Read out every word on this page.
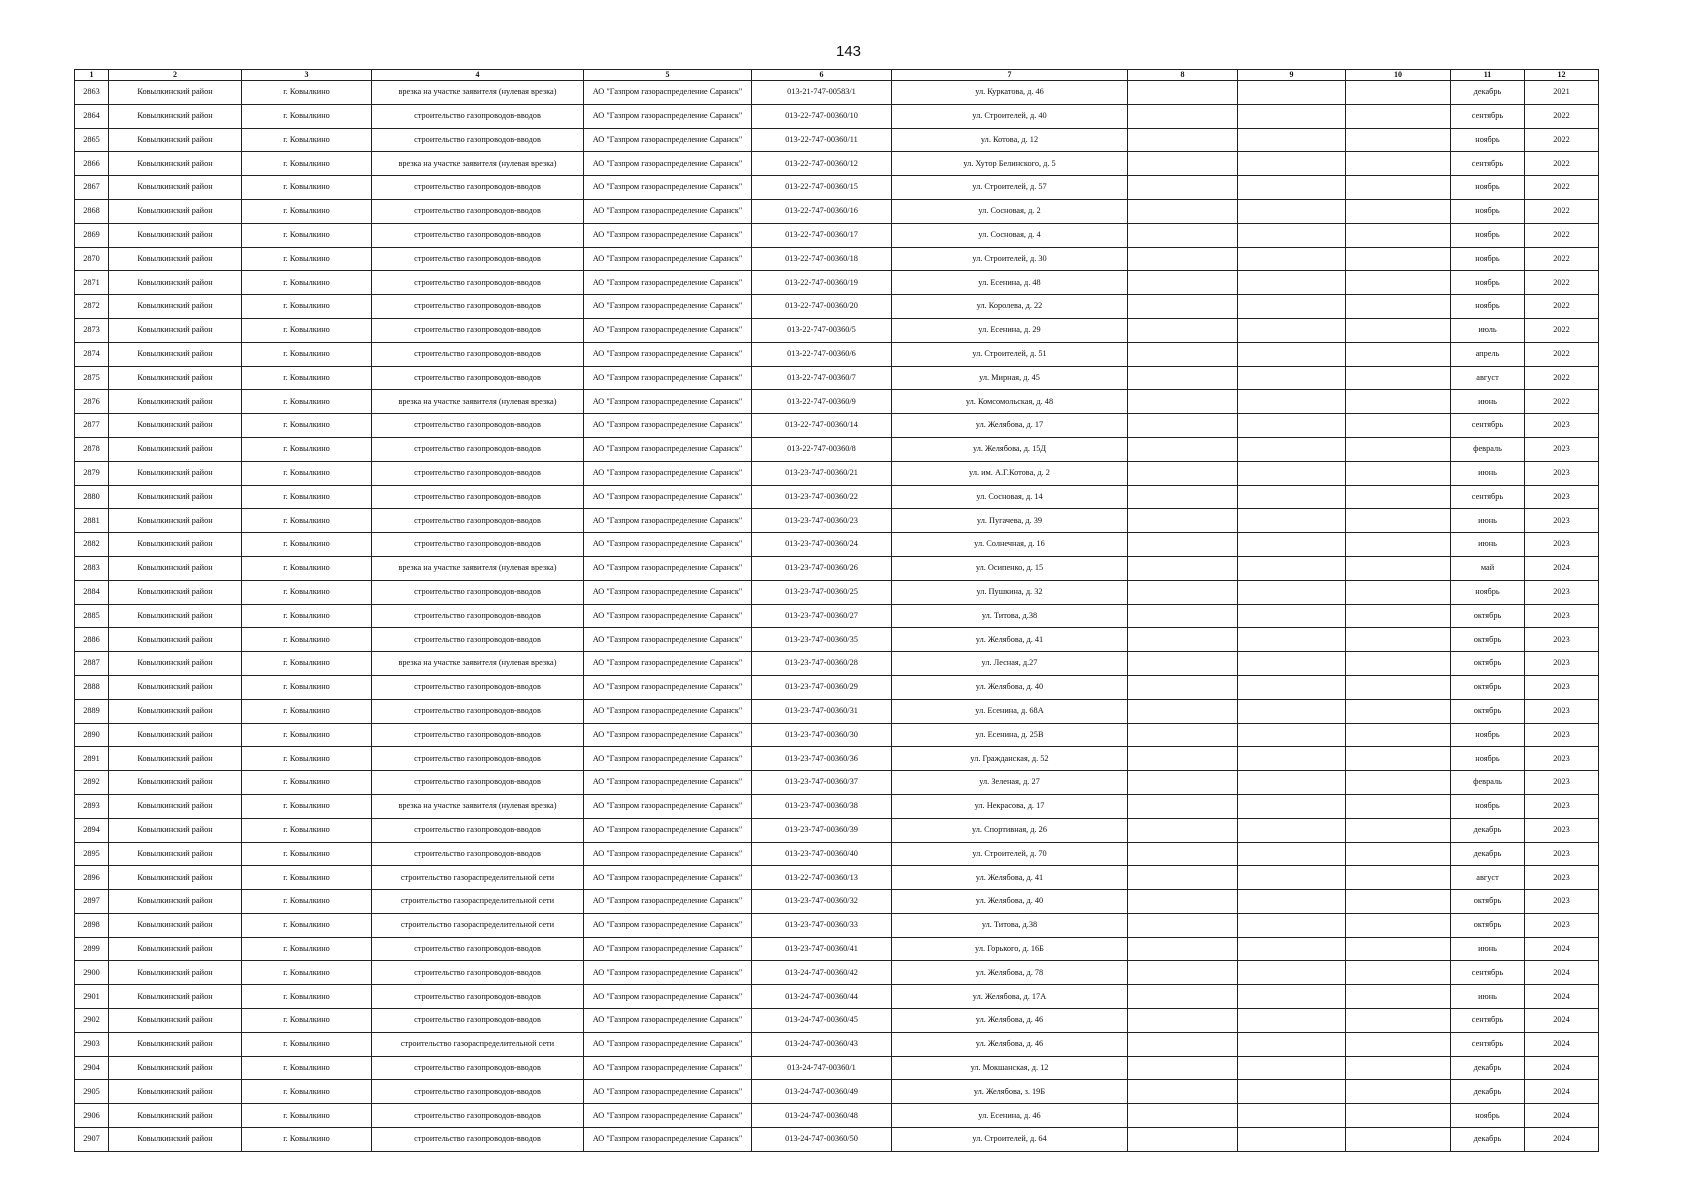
143
1	2	3	4	5	6	7	8	9	10	11	12
2863	Ковылкинский район	г. Ковылкино	врезка на участке заявителя (нулевая врезка)	АО "Газпром газораспределение Саранск"	013-21-747-00583/1	ул. Куркатова, д. 46				декабрь	2021
2864	Ковылкинский район	г. Ковылкино	строительство газопроводов-вводов	АО "Газпром газораспределение Саранск"	013-22-747-00360/10	ул. Строителей, д. 40				сентябрь	2022
2865	Ковылкинский район	г. Ковылкино	строительство газопроводов-вводов	АО "Газпром газораспределение Саранск"	013-22-747-00360/11	ул. Котова, д. 12				ноябрь	2022
2866	Ковылкинский район	г. Ковылкино	врезка на участке заявителя (нулевая врезка)	АО "Газпром газораспределение Саранск"	013-22-747-00360/12	ул. Хутор Белинского, д. 5				сентябрь	2022
2867	Ковылкинский район	г. Ковылкино	строительство газопроводов-вводов	АО "Газпром газораспределение Саранск"	013-22-747-00360/15	ул. Строителей, д. 57				ноябрь	2022
2868	Ковылкинский район	г. Ковылкино	строительство газопроводов-вводов	АО "Газпром газораспределение Саранск"	013-22-747-00360/16	ул. Сосновая, д. 2				ноябрь	2022
2869	Ковылкинский район	г. Ковылкино	строительство газопроводов-вводов	АО "Газпром газораспределение Саранск"	013-22-747-00360/17	ул. Сосновая, д. 4				ноябрь	2022
2870	Ковылкинский район	г. Ковылкино	строительство газопроводов-вводов	АО "Газпром газораспределение Саранск"	013-22-747-00360/18	ул. Строителей, д. 30				ноябрь	2022
2871	Ковылкинский район	г. Ковылкино	строительство газопроводов-вводов	АО "Газпром газораспределение Саранск"	013-22-747-00360/19	ул. Есенина, д. 48				ноябрь	2022
2872	Ковылкинский район	г. Ковылкино	строительство газопроводов-вводов	АО "Газпром газораспределение Саранск"	013-22-747-00360/20	ул. Королева, д. 22				ноябрь	2022
2873	Ковылкинский район	г. Ковылкино	строительство газопроводов-вводов	АО "Газпром газораспределение Саранск"	013-22-747-00360/5	ул. Есенина, д. 29				июль	2022
2874	Ковылкинский район	г. Ковылкино	строительство газопроводов-вводов	АО "Газпром газораспределение Саранск"	013-22-747-00360/6	ул. Строителей, д. 51				апрель	2022
2875	Ковылкинский район	г. Ковылкино	строительство газопроводов-вводов	АО "Газпром газораспределение Саранск"	013-22-747-00360/7	ул. Мирная, д. 45				август	2022
2876	Ковылкинский район	г. Ковылкино	врезка на участке заявителя (нулевая врезка)	АО "Газпром газораспределение Саранск"	013-22-747-00360/9	ул. Комсомольская, д. 48				июнь	2022
2877	Ковылкинский район	г. Ковылкино	строительство газопроводов-вводов	АО "Газпром газораспределение Саранск"	013-22-747-00360/14	ул. Желябова, д. 17				сентябрь	2023
2878	Ковылкинский район	г. Ковылкино	строительство газопроводов-вводов	АО "Газпром газораспределение Саранск"	013-22-747-00360/8	ул. Желябова, д. 15Д				февраль	2023
2879	Ковылкинский район	г. Ковылкино	строительство газопроводов-вводов	АО "Газпром газораспределение Саранск"	013-23-747-00360/21	ул. им. А.Г.Котова, д. 2				июнь	2023
2880	Ковылкинский район	г. Ковылкино	строительство газопроводов-вводов	АО "Газпром газораспределение Саранск"	013-23-747-00360/22	ул. Сосновая, д. 14				сентябрь	2023
2881	Ковылкинский район	г. Ковылкино	строительство газопроводов-вводов	АО "Газпром газораспределение Саранск"	013-23-747-00360/23	ул. Пугачева, д. 39				июнь	2023
2882	Ковылкинский район	г. Ковылкино	строительство газопроводов-вводов	АО "Газпром газораспределение Саранск"	013-23-747-00360/24	ул. Солнечная, д. 16				июнь	2023
2883	Ковылкинский район	г. Ковылкино	врезка на участке заявителя (нулевая врезка)	АО "Газпром газораспределение Саранск"	013-23-747-00360/26	ул. Осипенко, д. 15				май	2024
2884	Ковылкинский район	г. Ковылкино	строительство газопроводов-вводов	АО "Газпром газораспределение Саранск"	013-23-747-00360/25	ул. Пушкина, д. 32				ноябрь	2023
2885	Ковылкинский район	г. Ковылкино	строительство газопроводов-вводов	АО "Газпром газораспределение Саранск"	013-23-747-00360/27	ул. Титова, д.38				октябрь	2023
2886	Ковылкинский район	г. Ковылкино	строительство газопроводов-вводов	АО "Газпром газораспределение Саранск"	013-23-747-00360/35	ул. Желябова, д. 41				октябрь	2023
2887	Ковылкинский район	г. Ковылкино	врезка на участке заявителя (нулевая врезка)	АО "Газпром газораспределение Саранск"	013-23-747-00360/28	ул. Лесная, д.27				октябрь	2023
2888	Ковылкинский район	г. Ковылкино	строительство газопроводов-вводов	АО "Газпром газораспределение Саранск"	013-23-747-00360/29	ул. Желябова, д. 40				октябрь	2023
2889	Ковылкинский район	г. Ковылкино	строительство газопроводов-вводов	АО "Газпром газораспределение Саранск"	013-23-747-00360/31	ул. Есенина, д. 68А				октябрь	2023
2890	Ковылкинский район	г. Ковылкино	строительство газопроводов-вводов	АО "Газпром газораспределение Саранск"	013-23-747-00360/30	ул. Есенина, д. 25В				ноябрь	2023
2891	Ковылкинский район	г. Ковылкино	строительство газопроводов-вводов	АО "Газпром газораспределение Саранск"	013-23-747-00360/36	ул. Гражданская, д. 52				ноябрь	2023
2892	Ковылкинский район	г. Ковылкино	строительство газопроводов-вводов	АО "Газпром газораспределение Саранск"	013-23-747-00360/37	ул. Зеленая, д. 27				февраль	2023
2893	Ковылкинский район	г. Ковылкино	врезка на участке заявителя (нулевая врезка)	АО "Газпром газораспределение Саранск"	013-23-747-00360/38	ул. Некрасова, д. 17				ноябрь	2023
2894	Ковылкинский район	г. Ковылкино	строительство газопроводов-вводов	АО "Газпром газораспределение Саранск"	013-23-747-00360/39	ул. Спортивная, д. 26				декабрь	2023
2895	Ковылкинский район	г. Ковылкино	строительство газопроводов-вводов	АО "Газпром газораспределение Саранск"	013-23-747-00360/40	ул. Строителей, д. 70				декабрь	2023
2896	Ковылкинский район	г. Ковылкино	строительство газораспределительной сети	АО "Газпром газораспределение Саранск"	013-22-747-00360/13	ул. Желябова, д. 41				август	2023
2897	Ковылкинский район	г. Ковылкино	строительство газораспределительной сети	АО "Газпром газораспределение Саранск"	013-23-747-00360/32	ул. Желябова, д. 40				октябрь	2023
2898	Ковылкинский район	г. Ковылкино	строительство газораспределительной сети	АО "Газпром газораспределение Саранск"	013-23-747-00360/33	ул. Титова, д.38				октябрь	2023
2899	Ковылкинский район	г. Ковылкино	строительство газопроводов-вводов	АО "Газпром газораспределение Саранск"	013-23-747-00360/41	ул. Горького, д. 16Б				июнь	2024
2900	Ковылкинский район	г. Ковылкино	строительство газопроводов-вводов	АО "Газпром газораспределение Саранск"	013-24-747-00360/42	ул. Желябова, д. 78				сентябрь	2024
2901	Ковылкинский район	г. Ковылкино	строительство газопроводов-вводов	АО "Газпром газораспределение Саранск"	013-24-747-00360/44	ул. Желябова, д. 17А				июнь	2024
2902	Ковылкинский район	г. Ковылкино	строительство газопроводов-вводов	АО "Газпром газораспределение Саранск"	013-24-747-00360/45	ул. Желябова, д. 46				сентябрь	2024
2903	Ковылкинский район	г. Ковылкино	строительство газораспределительной сети	АО "Газпром газораспределение Саранск"	013-24-747-00360/43	ул. Желябова, д. 46				сентябрь	2024
2904	Ковылкинский район	г. Ковылкино	строительство газопроводов-вводов	АО "Газпром газораспределение Саранск"	013-24-747-00360/1	ул. Мокшанская, д. 12				декабрь	2024
2905	Ковылкинский район	г. Ковылкино	строительство газопроводов-вводов	АО "Газпром газораспределение Саранск"	013-24-747-00360/49	ул. Желябова, з. 19Б				декабрь	2024
2906	Ковылкинский район	г. Ковылкино	строительство газопроводов-вводов	АО "Газпром газораспределение Саранск"	013-24-747-00360/48	ул. Есенина, д. 46				ноябрь	2024
2907	Ковылкинский район	г. Ковылкино	строительство газопроводов-вводов	АО "Газпром газораспределение Саранск"	013-24-747-00360/50	ул. Строителей, д. 64				декабрь	2024
